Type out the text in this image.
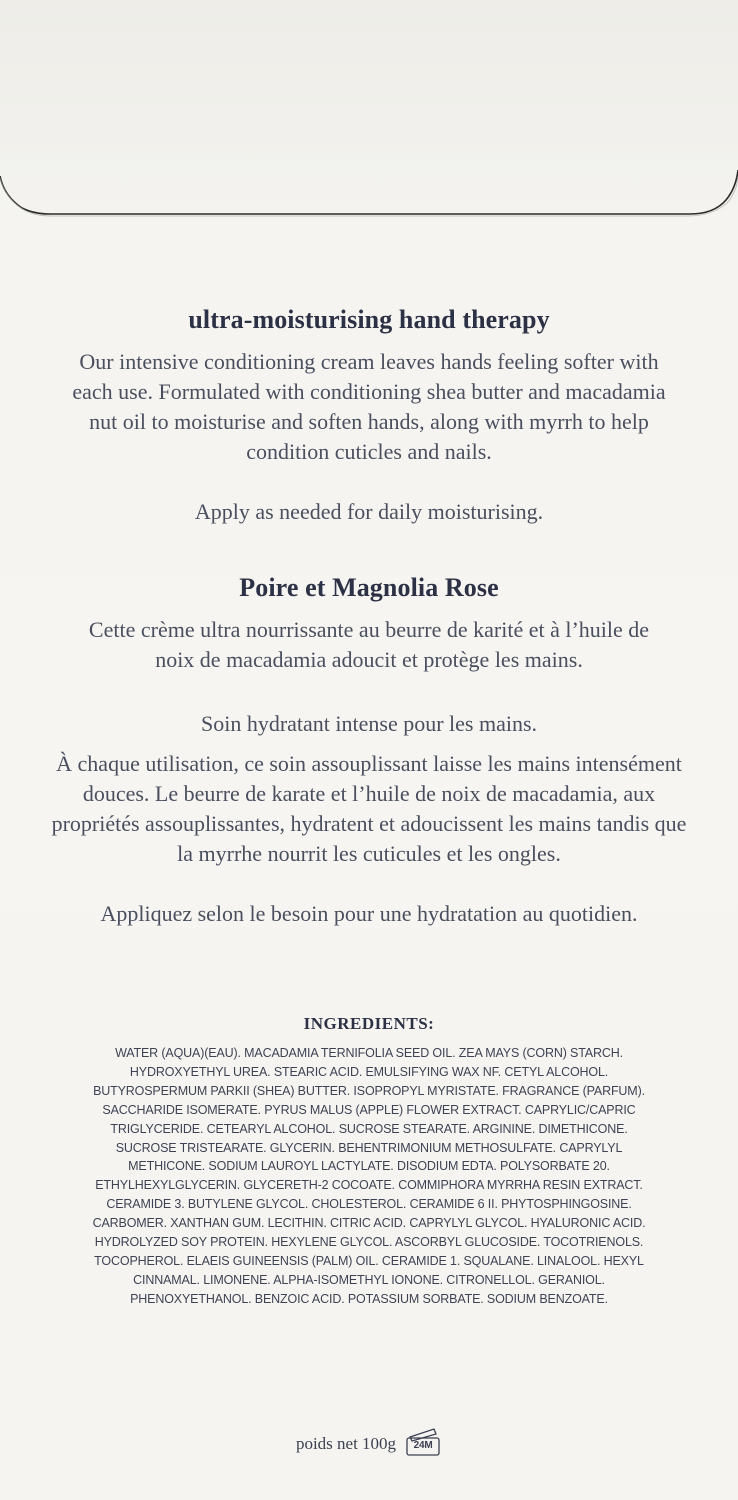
ultra-moisturising hand therapy
Our intensive conditioning cream leaves hands feeling softer with each use. Formulated with conditioning shea butter and macadamia nut oil to moisturise and soften hands, along with myrrh to help condition cuticles and nails.
Apply as needed for daily moisturising.
Poire et Magnolia Rose
Cette crème ultra nourrissante au beurre de karité et à l’huile de noix de macadamia adoucit et protège les mains.
Soin hydratant intense pour les mains.
À chaque utilisation, ce soin assouplissant laisse les mains intensément douces. Le beurre de karate et l’huile de noix de macadamia, aux propriétés assouplissantes, hydratent et adoucissent les mains tandis que la myrrhe nourrit les cuticules et les ongles.
Appliquez selon le besoin pour une hydratation au quotidien.
INGREDIENTS:
WATER (AQUA)(EAU). MACADAMIA TERNIFOLIA SEED OIL. ZEA MAYS (CORN) STARCH. HYDROXYETHYL UREA. STEARIC ACID. EMULSIFYING WAX NF. CETYL ALCOHOL. BUTYROSPERMUM PARKII (SHEA) BUTTER. ISOPROPYL MYRISTATE. FRAGRANCE (PARFUM). SACCHARIDE ISOMERATE. PYRUS MALUS (APPLE) FLOWER EXTRACT. CAPRYLIC/CAPRIC TRIGLYCERIDE. CETEARYL ALCOHOL. SUCROSE STEARATE. ARGININE. DIMETHICONE. SUCROSE TRISTEARATE. GLYCERIN. BEHENTRIMONIUM METHOSULFATE. CAPRYLYL METHICONE. SODIUM LAUROYL LACTYLATE. DISODIUM EDTA. POLYSORBATE 20. ETHYLHEXYLGLYCERIN. GLYCERETH-2 COCOATE. COMMIPHORA MYRRHA RESIN EXTRACT. CERAMIDE 3. BUTYLENE GLYCOL. CHOLESTEROL. CERAMIDE 6 II. PHYTOSPHINGOSINE. CARBOMER. XANTHAN GUM. LECITHIN. CITRIC ACID. CAPRYLYL GLYCOL. HYALURONIC ACID. HYDROLYZED SOY PROTEIN. HEXYLENE GLYCOL. ASCORBYL GLUCOSIDE. TOCOTRIENOLS. TOCOPHEROL. ELAEIS GUINEENSIS (PALM) OIL. CERAMIDE 1. SQUALANE. LINALOOL. HEXYL CINNAMAL. LIMONENE. ALPHA-ISOMETHYL IONONE. CITRONELLOL. GERANIOL. PHENOXYETHANOL. BENZOIC ACID. POTASSIUM SORBATE. SODIUM BENZOATE.
poids net 100g	24M
